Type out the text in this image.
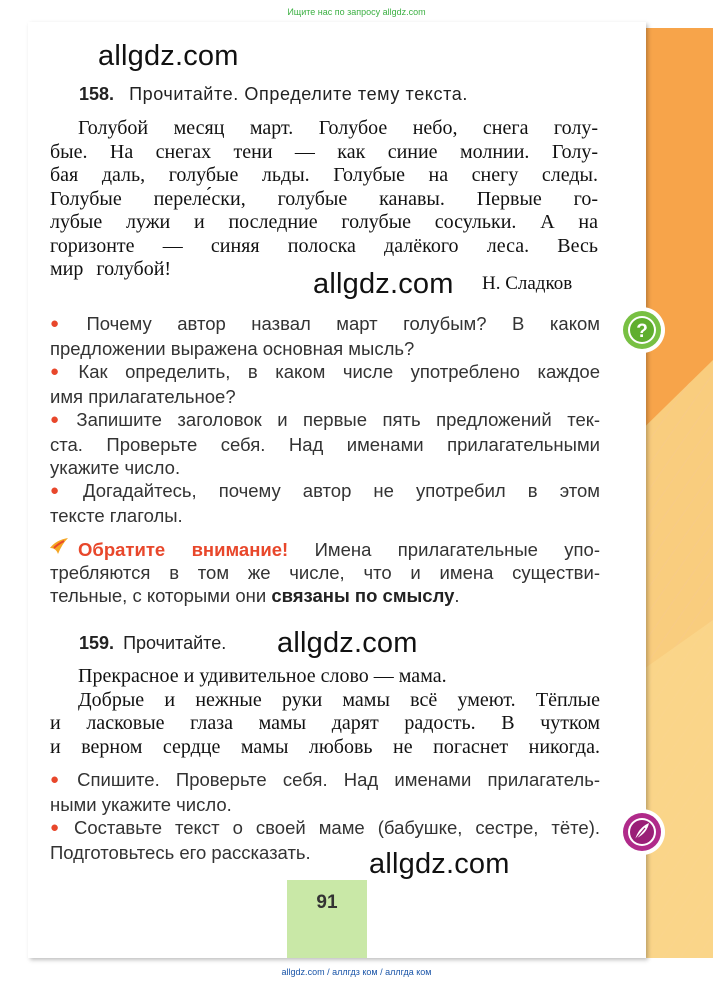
Ищите нас по запросу allgdz.com
allgdz.com
allgdz.com
allgdz.com
allgdz.com
158. Прочитайте. Определите тему текста.
Голубой месяц март. Голубое небо, снега голу-
бые. На снегах тени — как синие молнии. Голу-
бая даль, голубые льды. Голубые на снегу следы.
Голубые переле́ски, голубые канавы. Первые го-
лубые лужи и последние голубые сосульки. А на
горизонте — синяя полоска далёкого леса. Весь
мир голубой!
Н. Сладков
● Почему автор назвал март голубым? В каком
предложении выражена основная мысль?
● Как определить, в каком числе употреблено каждое
имя прилагательное?
● Запишите заголовок и первые пять предложений тек-
ста. Проверьте себя. Над именами прилагательными
укажите число.
● Догадайтесь, почему автор не употребил в этом
тексте глаголы.
?
Обратите внимание! Имена прилагательные упо-
требляются в том же числе, что и имена существи-
тельные, с которыми они связаны по смыслу.
159. Прочитайте.
Прекрасное и удивительное слово — мама.
Добрые и нежные руки мамы всё умеют. Тёплые
и ласковые глаза мамы дарят радость. В чутком
и верном сердце мамы любовь не погаснет никогда.
● Спишите. Проверьте себя. Над именами прилагатель-
ными укажите число.
● Составьте текст о своей маме (бабушке, сестре, тёте).
Подготовьтесь его рассказать.
91
allgdz.com / аллгдз ком / аллгда ком
